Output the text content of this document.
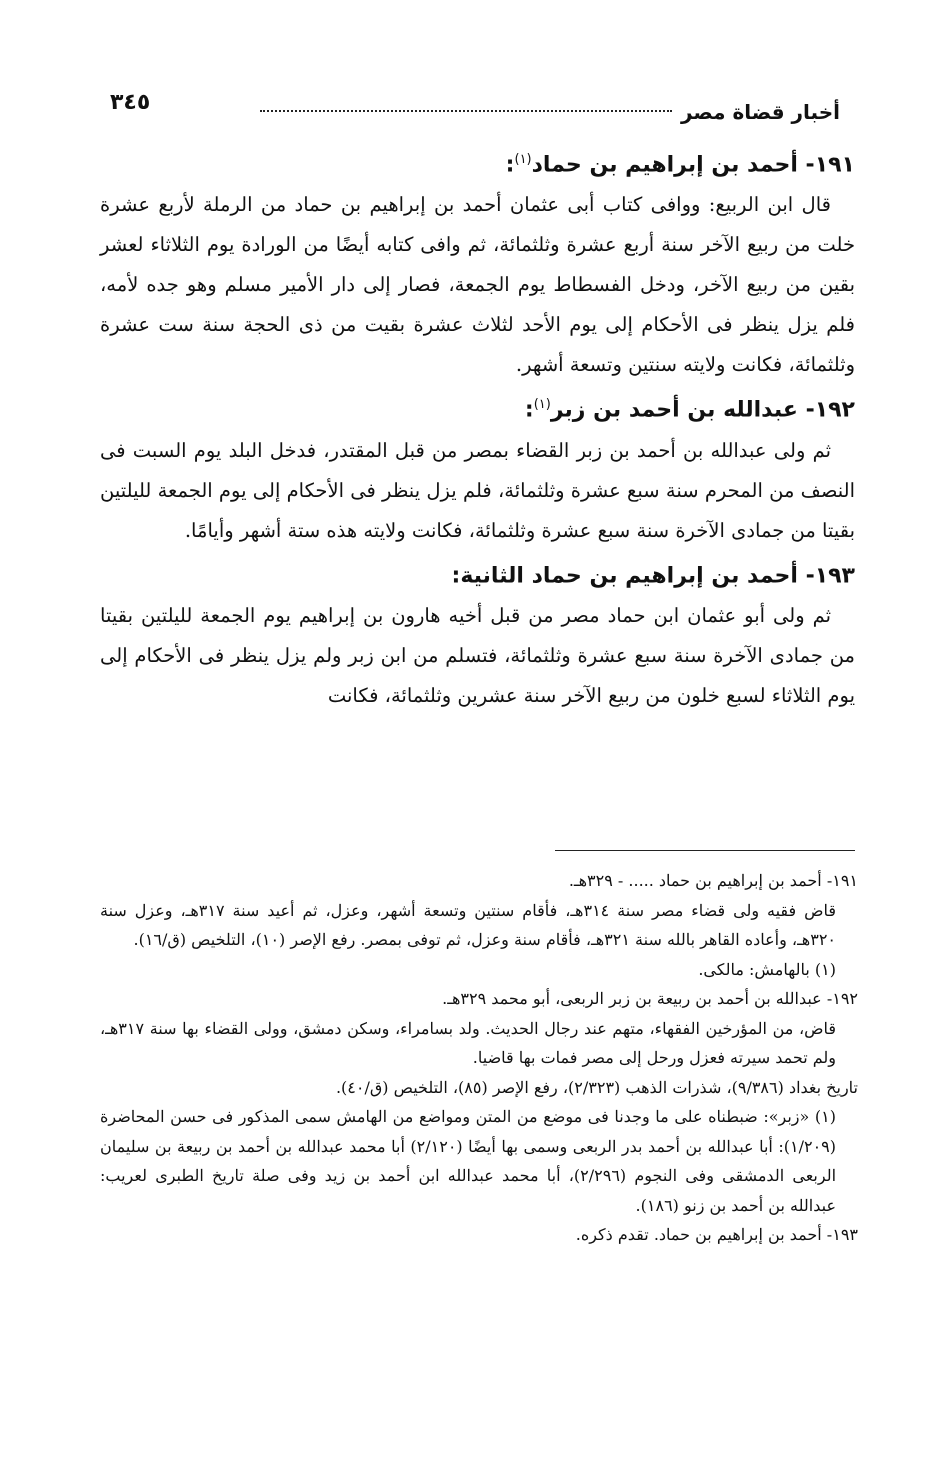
أخبار قضاة مصر
٣٤٥
١٩١- أحمد بن إبراهيم بن حماد$^{(١)}$:

قال ابن الربيع: ووافى كتاب أبى عثمان أحمد بن إبراهيم بن حماد من الرملة لأربع عشرة خلت من ربيع الآخر سنة أربع عشرة وثلثمائة، ثم وافى كتابه أيضًا من الورادة يوم الثلاثاء لعشر بقين من ربيع الآخر، ودخل الفسطاط يوم الجمعة، فصار إلى دار الأمير مسلم وهو جده لأمه، فلم يزل ينظر فى الأحكام إلى يوم الأحد لثلاث عشرة بقيت من ذى الحجة سنة ست عشرة وثلثمائة، فكانت ولايته سنتين وتسعة أشهر.

١٩٢- عبدالله بن أحمد بن زبر$^{(١)}$:

ثم ولى عبدالله بن أحمد بن زبر القضاء بمصر من قبل المقتدر، فدخل البلد يوم السبت فى النصف من المحرم سنة سبع عشرة وثلثمائة، فلم يزل ينظر فى الأحكام إلى يوم الجمعة لليلتين بقيتا من جمادى الآخرة سنة سبع عشرة وثلثمائة، فكانت ولايته هذه ستة أشهر وأيامًا.

١٩٣- أحمد بن إبراهيم بن حماد الثانية:

ثم ولى أبو عثمان ابن حماد مصر من قبل أخيه هارون بن إبراهيم يوم الجمعة لليلتين بقيتا من جمادى الآخرة سنة سبع عشرة وثلثمائة، فتسلم من ابن زبر ولم يزل ينظر فى الأحكام إلى يوم الثلاثاء لسبع خلون من ربيع الآخر سنة عشرين وثلثمائة، فكانت

١٩١- أحمد بن إبراهيم بن حماد ..... - ٣٢٩هـ.

قاض فقيه ولى قضاء مصر سنة ٣١٤هـ، فأقام سنتين وتسعة أشهر، وعزل، ثم أعيد سنة ٣١٧هـ، وعزل سنة ٣٢٠هـ، وأعاده القاهر بالله سنة ٣٢١هـ، فأقام سنة وعزل، ثم توفى بمصر. رفع الإصر (١٠)، التلخيص (ق/١٦).

(١) بالهامش: مالكى.

١٩٢- عبدالله بن أحمد بن ربيعة بن زبر الربعى، أبو محمد ٣٢٩هـ.

قاض، من المؤرخين الفقهاء، متهم عند رجال الحديث. ولد بسامراء، وسكن دمشق، وولى القضاء بها سنة ٣١٧هـ، ولم تحمد سيرته فعزل ورحل إلى مصر فمات بها قاضيا.

تاريخ بغداد (٩/٣٨٦)، شذرات الذهب (٢/٣٢٣)، رفع الإصر (٨٥)، التلخيص (ق/٤٠).

(١) «زبر»: ضبطناه على ما وجدنا فى موضع من المتن ومواضع من الهامش سمى المذكور فى حسن المحاضرة (١/٢٠٩): أبا عبدالله بن أحمد بدر الربعى وسمى بها أيضًا (٢/١٢٠) أبا محمد عبدالله بن أحمد بن ربيعة بن سليمان الربعى الدمشقى وفى النجوم (٢/٢٩٦)، أبا محمد عبدالله ابن أحمد بن زيد وفى صلة تاريخ الطبرى لعريب: عبدالله بن أحمد بن زنو (١٨٦).

١٩٣- أحمد بن إبراهيم بن حماد. تقدم ذكره.
